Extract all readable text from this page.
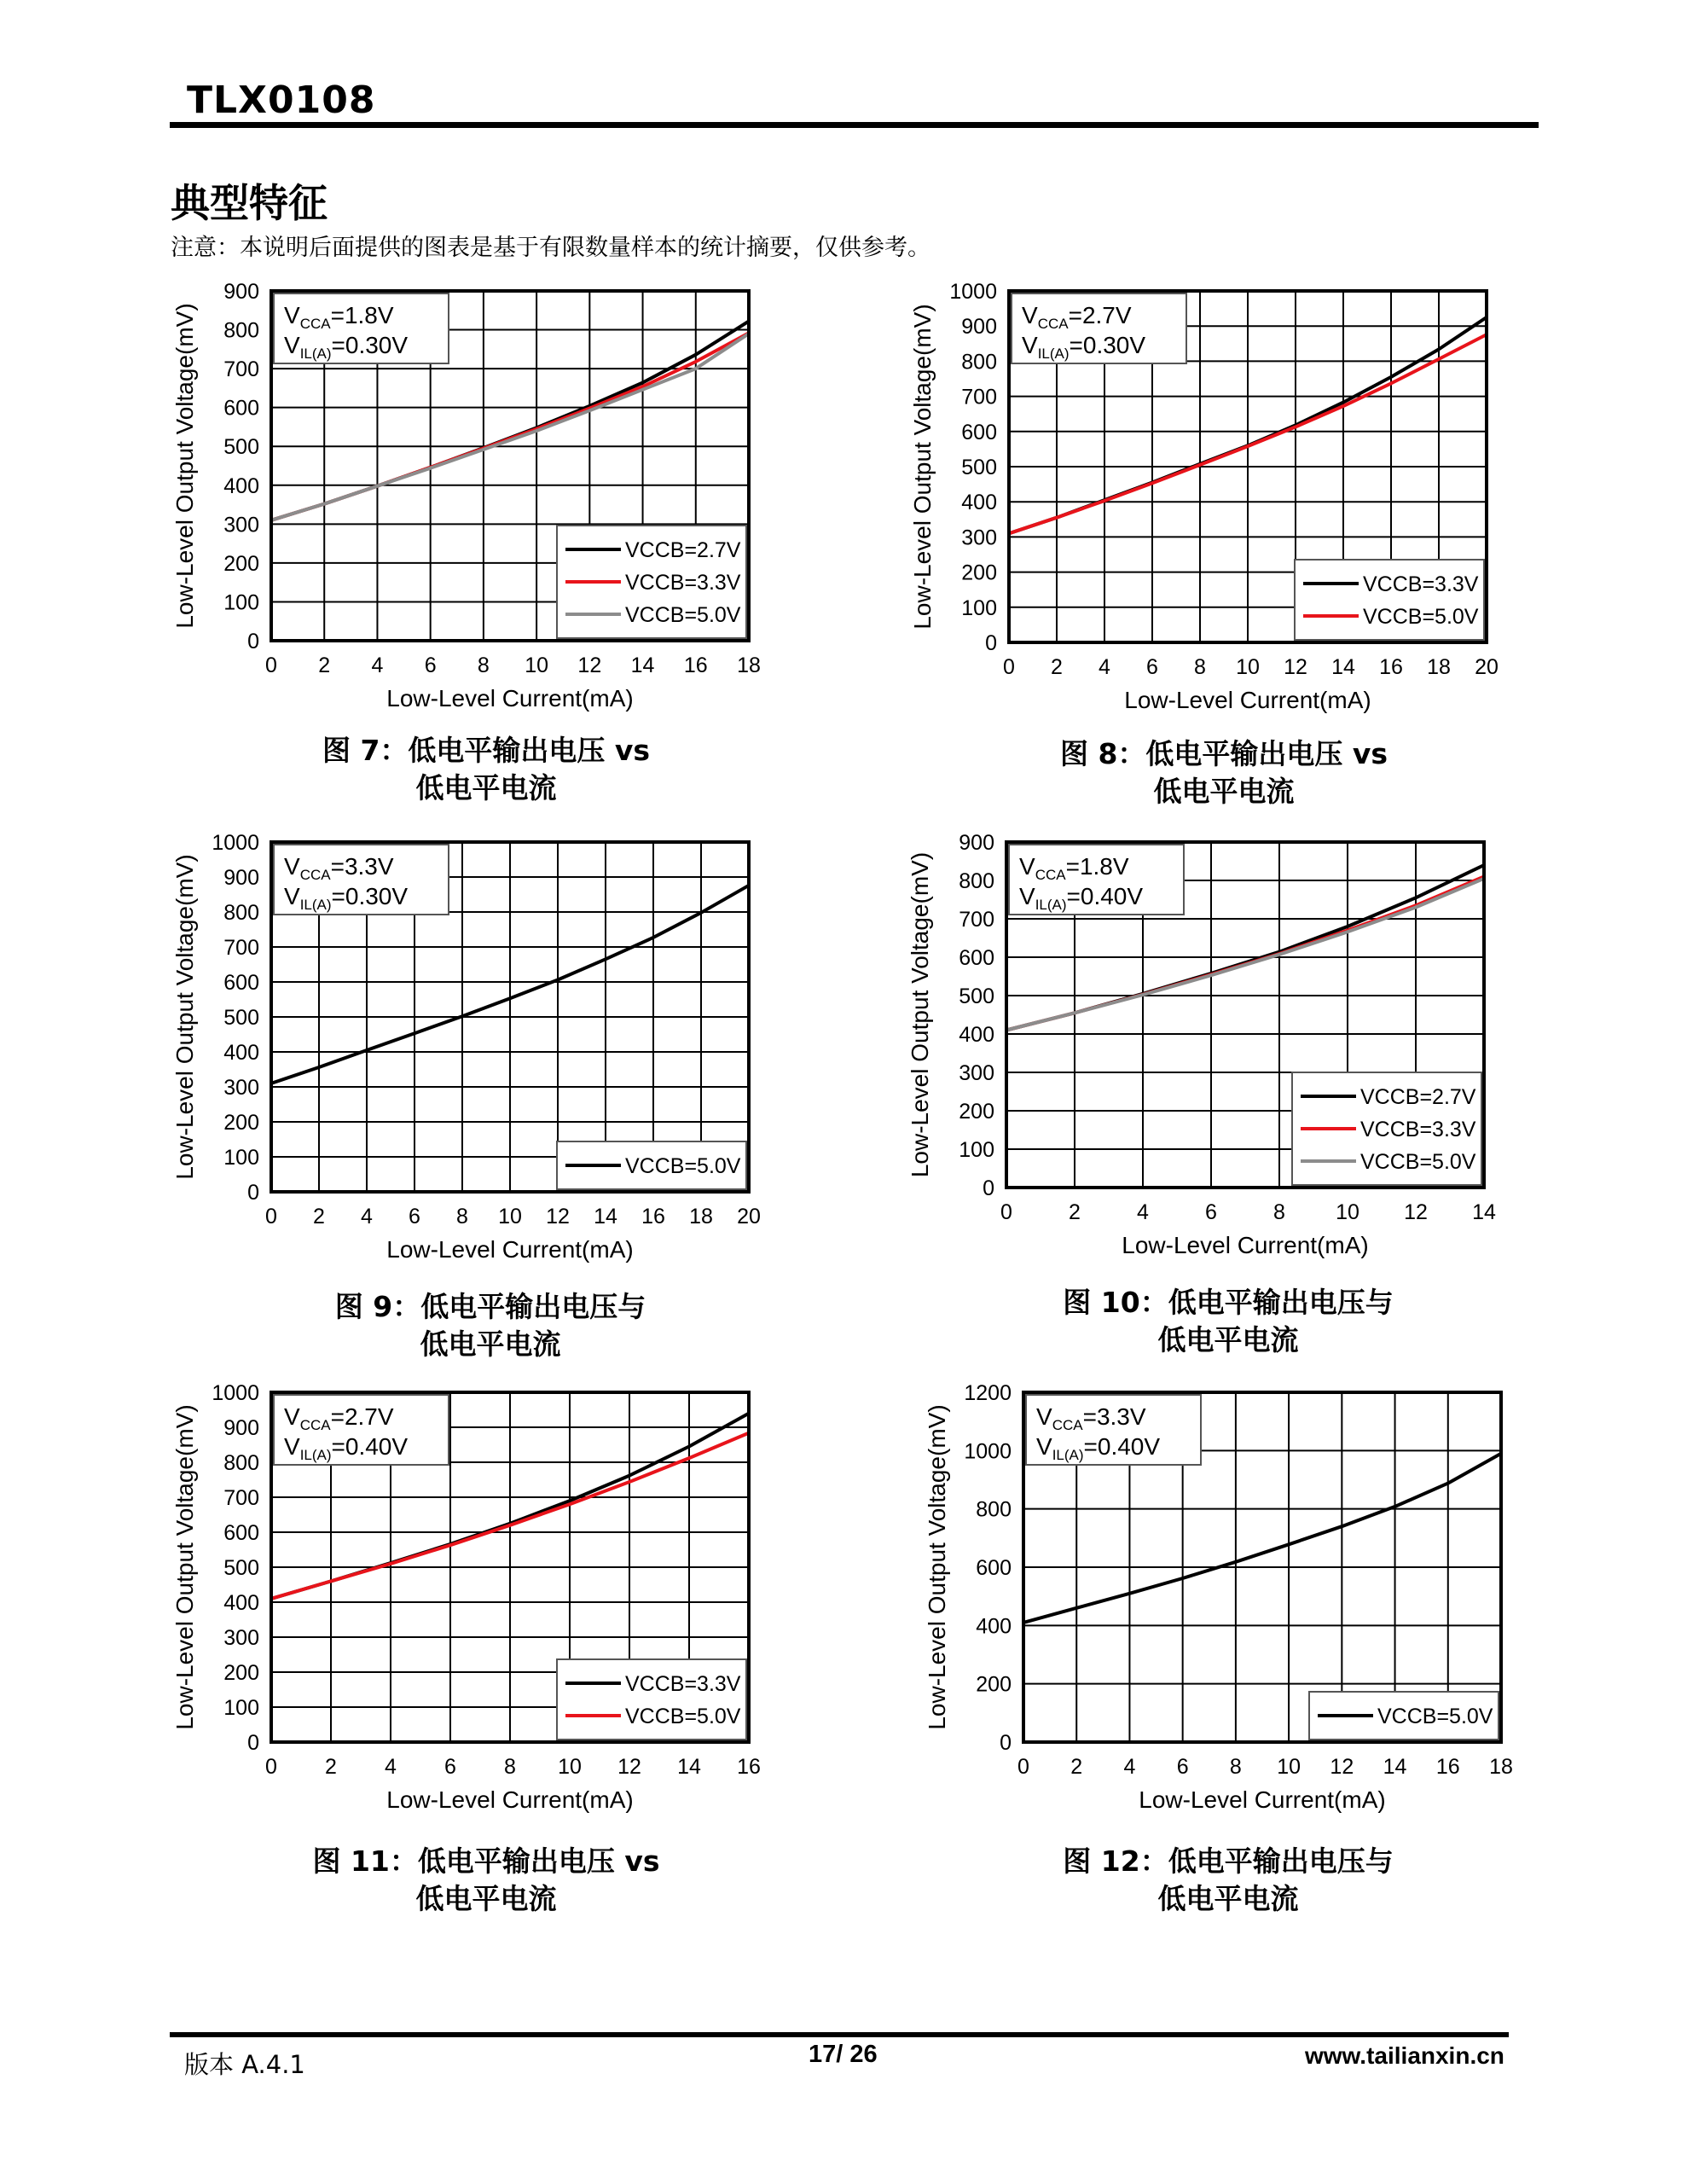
TLX0108
典型特征
注意：本说明后面提供的图表是基于有限数量样本的统计摘要，仅供参考。
0
100
200
300
400
500
600
700
800
900
0 2 4 6 8 10 12 14 16 18
$V_{CCA}=1.8V$
$V_{IL(A)}=0.30V$
VCCB=2.7V
VCCB=3.3V
VCCB=5.0V
Low-Level Current(mA)
Low-Level Output Voltage(mV)
0
100
200
300
400
500
600
700
800
900
1000
0 2 4 6 8 10 12 14 16 18 20
$V_{CCA}=2.7V$
$V_{IL(A)}=0.30V$
VCCB=3.3V
VCCB=5.0V
Low-Level Current(mA)
Low-Level Output Voltage(mV)
0
100
200
300
400
500
600
700
800
900
1000
0 2 4 6 8 10 12 14 16 18 20
$V_{CCA}=3.3V$
$V_{IL(A)}=0.30V$
VCCB=5.0V
Low-Level Current(mA)
Low-Level Output Voltage(mV)
0
100
200
300
400
500
600
700
800
900
0	2	4	6	8 10 12 14
$V_{CCA}=1.8V$
$V_{IL(A)}=0.40V$
VCCB=2.7V
VCCB=3.3V
VCCB=5.0V
Low-Level Current(mA)
Low-Level Output Voltage(mV)
0
100
200
300
400
500
600
700
800
900
1000
0 2 4 6 8 10 12 14 16
$V_{CCA}=2.7V$
$V_{IL(A)}=0.40V$
VCCB=3.3V
VCCB=5.0V
Low-Level Current(mA)
Low-Level Output Voltage(mV)
0
200
400
600
800
1000
1200
0 2 4 6 8 10 12 14 16 18
$V_{CCA}=3.3V$
$V_{IL(A)}=0.40V$
VCCB=5.0V
Low-Level Current(mA)
Low-Level Output Voltage(mV)
图 7：低电平输出电压 vs
低电平电流
图 8：低电平输出电压 vs
低电平电流
图 9：低电平输出电压与
低电平电流
图 10：低电平输出电压与
低电平电流
图 11：低电平输出电压 vs
低电平电流
图 12：低电平输出电压与
低电平电流
版本 A.4.1	17/ 26	www.tailianxin.cn
